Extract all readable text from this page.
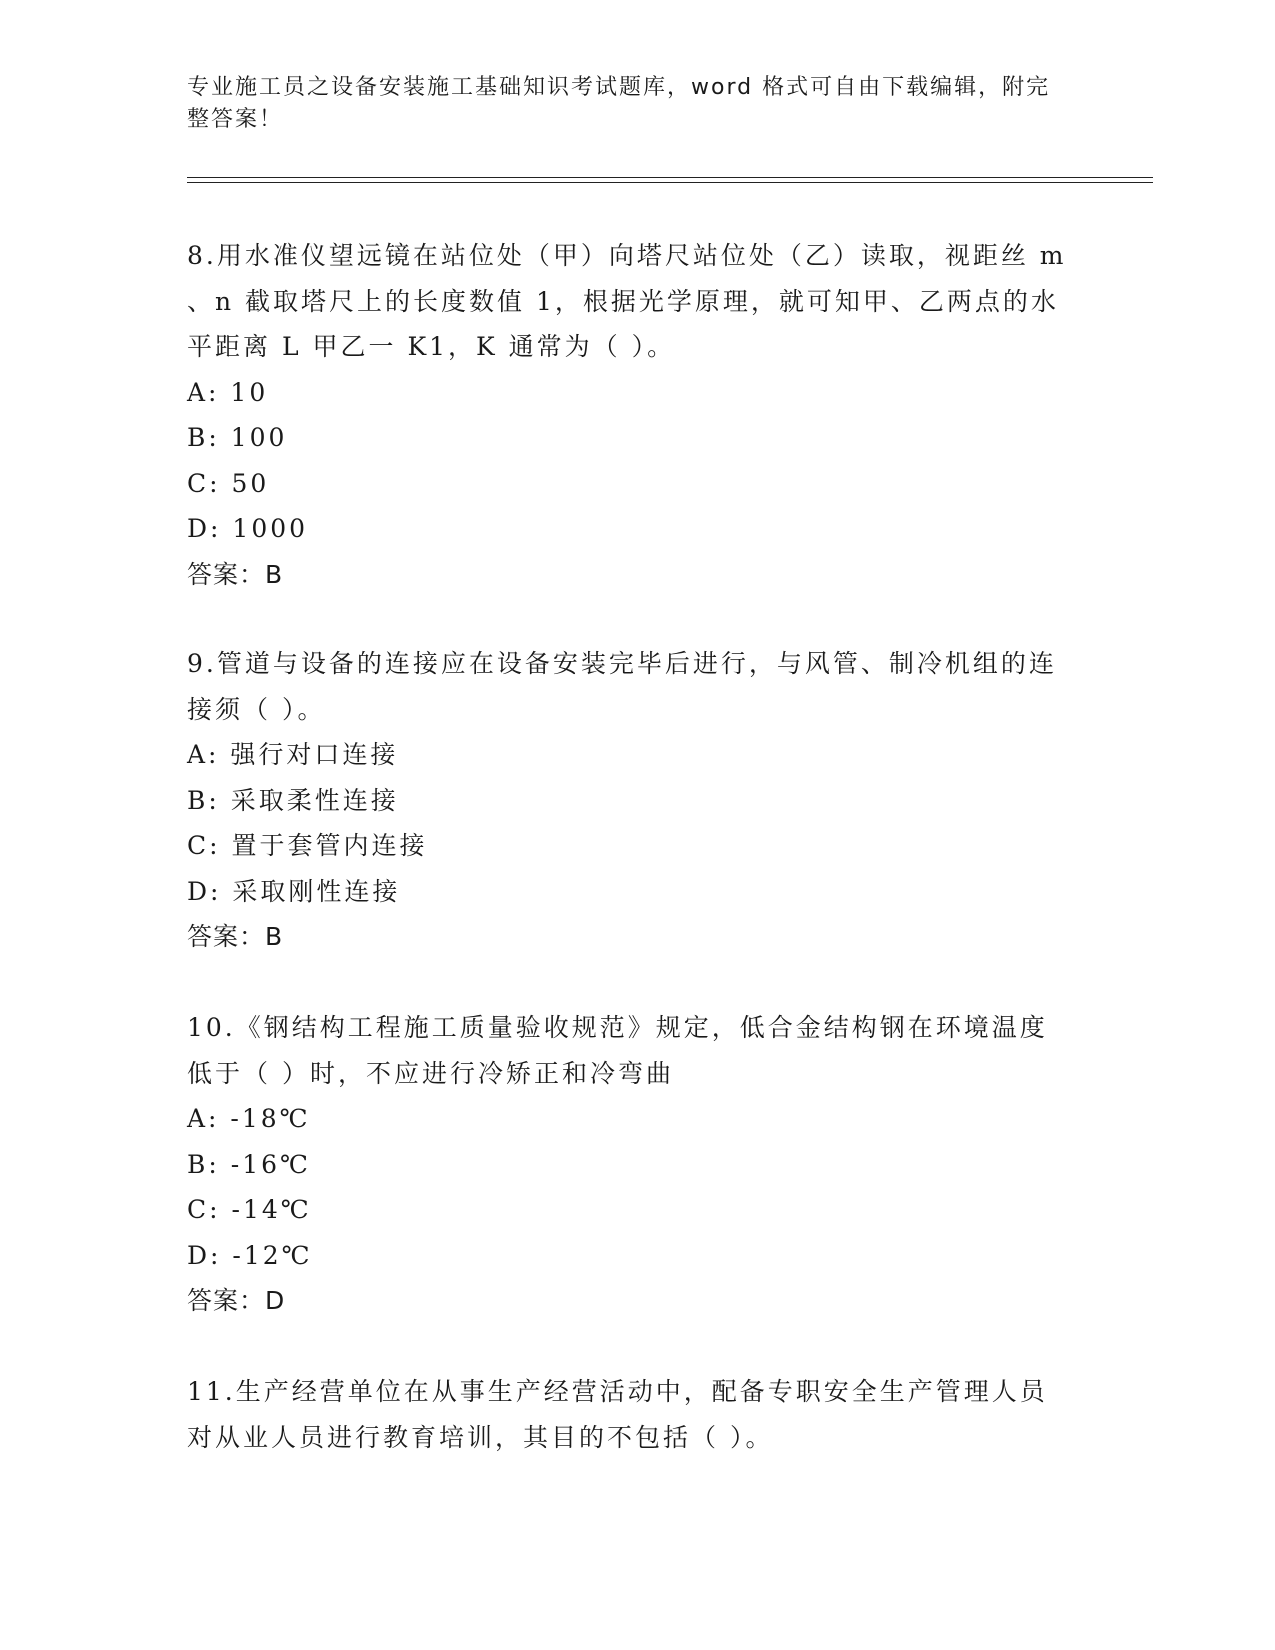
专业施工员之设备安装施工基础知识考试题库，word 格式可自由下载编辑，附完整答案！

8.用水准仪望远镜在站位处（甲）向塔尺站位处（乙）读取，视距丝 m 、n 截取塔尺上的长度数值 1，根据光学原理，就可知甲、乙两点的水平距离 L 甲乙一 K1，K 通常为（ ）。

A: 10
B: 100
C: 50
D: 1000

答案：B

9.管道与设备的连接应在设备安装完毕后进行，与风管、制冷机组的连接须（ ）。

A: 强行对口连接
B: 采取柔性连接
C: 置于套管内连接
D: 采取刚性连接

答案：B

10.《钢结构工程施工质量验收规范》规定，低合金结构钢在环境温度低于（ ）时，不应进行冷矫正和冷弯曲

A: -18℃
B: -16℃
C: -14℃
D: -12℃

答案：D

11.生产经营单位在从事生产经营活动中，配备专职安全生产管理人员对从业人员进行教育培训，其目的不包括（ ）。
